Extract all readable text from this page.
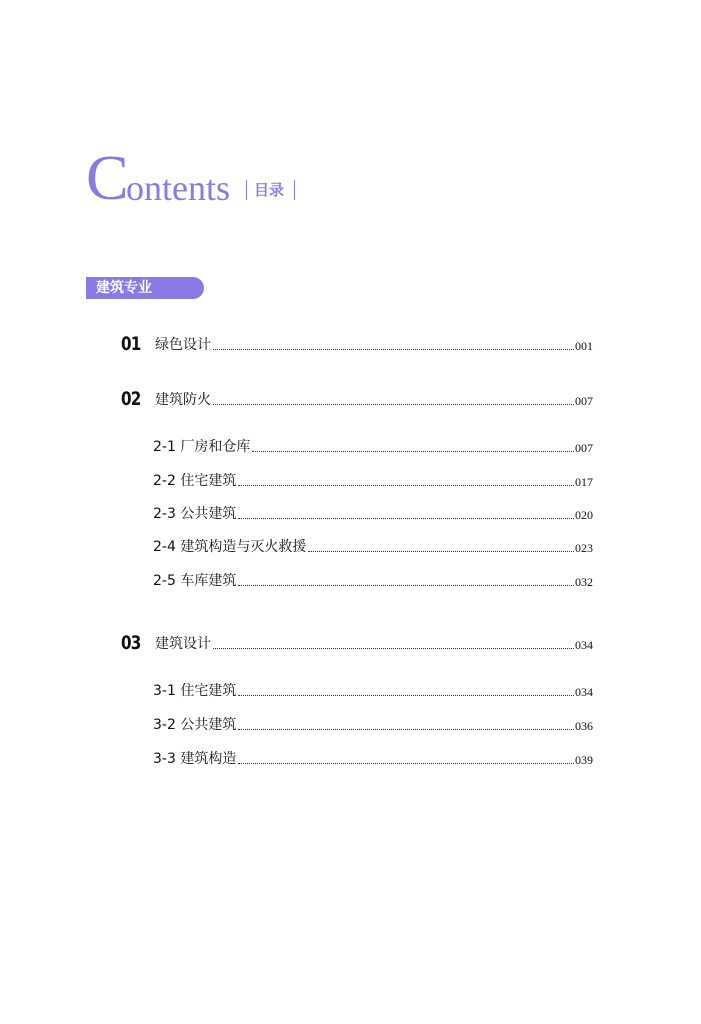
C
ontents 目录
建筑专业
01 绿色设计	001
02 建筑防火	007
2-1 厂房和仓库	007
2-2 住宅建筑	017
2-3 公共建筑	020
2-4 建筑构造与灭火救援	023
2-5 车库建筑	032
03 建筑设计	034
3-1 住宅建筑	034
3-2 公共建筑	036
3-3 建筑构造	039
